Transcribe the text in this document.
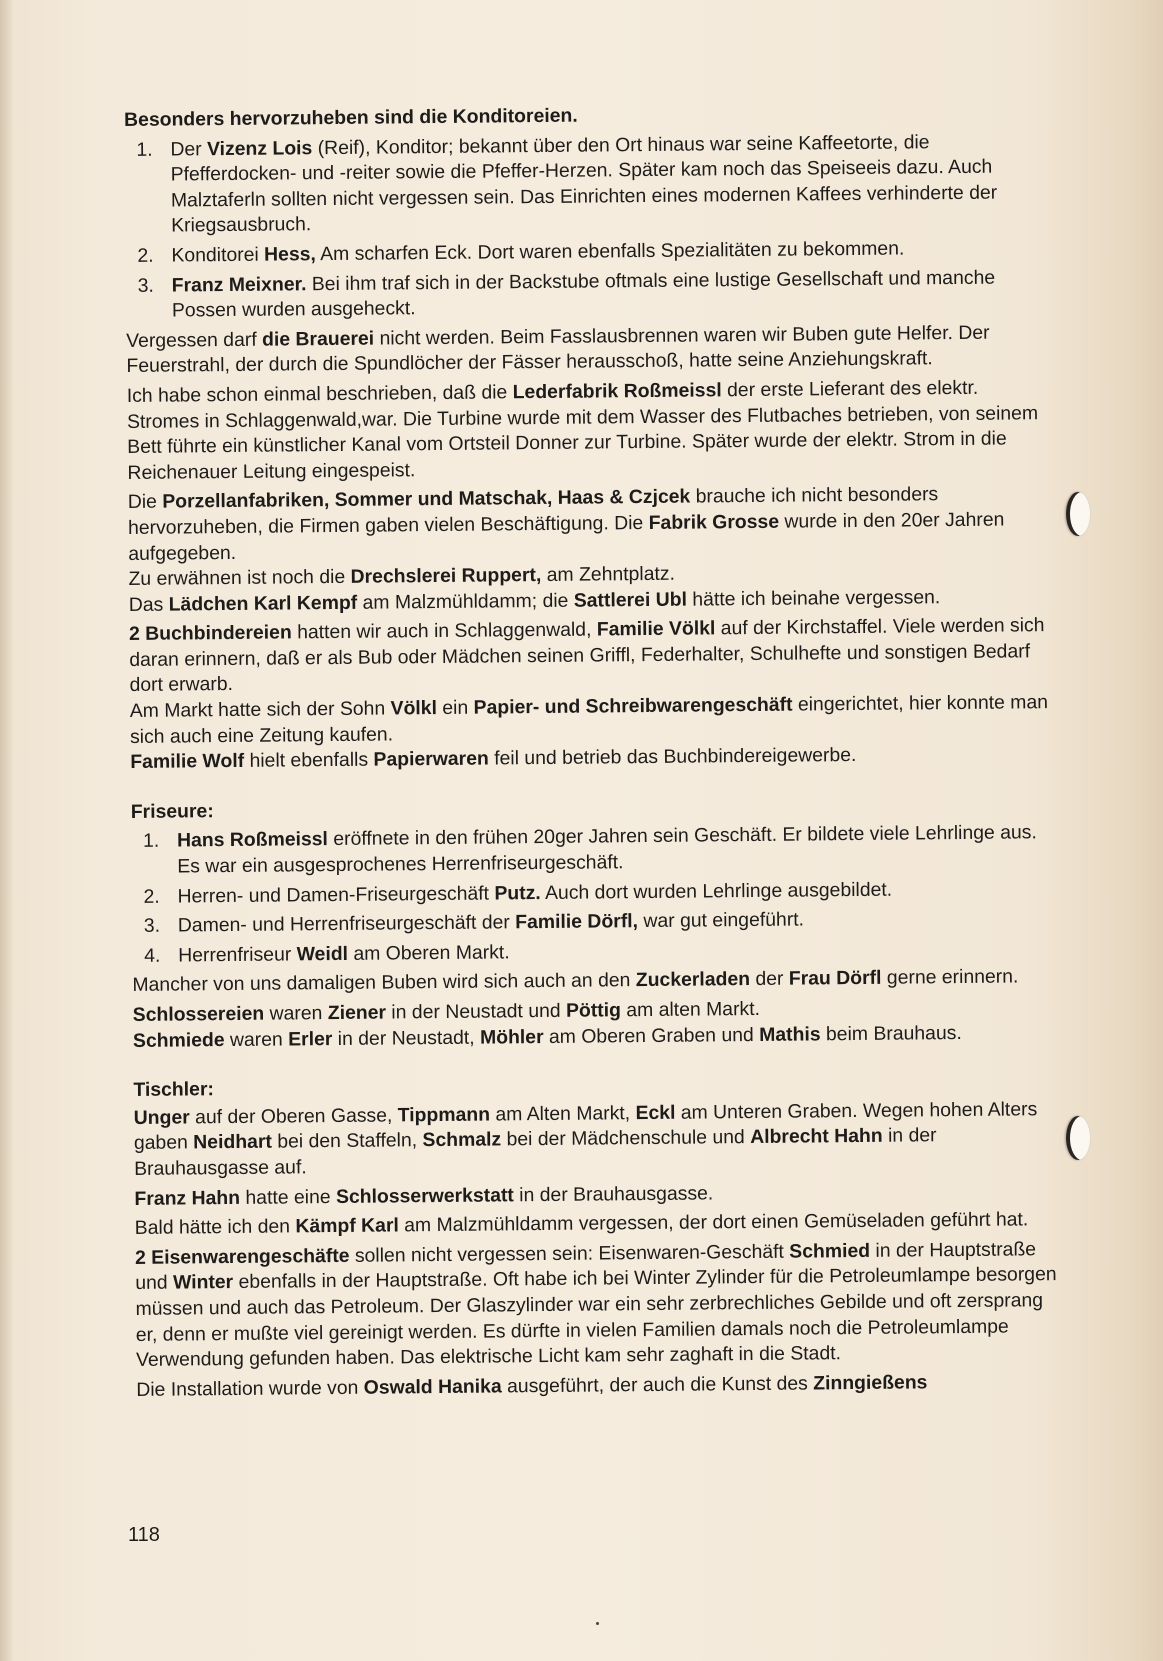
Besonders hervorzuheben sind die Konditoreien.

1. Der Vizenz Lois (Reif), Konditor; bekannt über den Ort hinaus war seine Kaffeetorte, die Pfefferdocken- und -reiter sowie die Pfeffer-Herzen. Später kam noch das Speiseeis dazu. Auch Malztaferln sollten nicht vergessen sein. Das Einrichten eines modernen Kaffees verhinderte der Kriegsausbruch.

2. Konditorei Hess, Am scharfen Eck. Dort waren ebenfalls Spezialitäten zu bekommen.

3. Franz Meixner. Bei ihm traf sich in der Backstube oftmals eine lustige Gesellschaft und manche Possen wurden ausgeheckt.

Vergessen darf die Brauerei nicht werden. Beim Fasslausbrennen waren wir Buben gute Helfer. Der Feuerstrahl, der durch die Spundlöcher der Fässer herausschoß, hatte seine Anziehungskraft.

Ich habe schon einmal beschrieben, daß die Lederfabrik Roßmeissl der erste Lieferant des elektr. Stromes in Schlaggenwald,war. Die Turbine wurde mit dem Wasser des Flutbaches betrieben, von seinem Bett führte ein künstlicher Kanal vom Ortsteil Donner zur Turbine. Später wurde der elektr. Strom in die Reichenauer Leitung eingespeist.

Die Porzellanfabriken, Sommer und Matschak, Haas & Czjcek brauche ich nicht besonders hervorzuheben, die Firmen gaben vielen Beschäftigung. Die Fabrik Grosse wurde in den 20er Jahren aufgegeben.

Zu erwähnen ist noch die Drechslerei Ruppert, am Zehntplatz.

Das Lädchen Karl Kempf am Malzmühldamm; die Sattlerei Ubl hätte ich beinahe vergessen.

2 Buchbindereien hatten wir auch in Schlaggenwald, Familie Völkl auf der Kirchstaffel. Viele werden sich daran erinnern, daß er als Bub oder Mädchen seinen Griffl, Federhalter, Schulhefte und sonstigen Bedarf dort erwarb.

Am Markt hatte sich der Sohn Völkl ein Papier- und Schreibwarengeschäft eingerichtet, hier konnte man sich auch eine Zeitung kaufen.

Familie Wolf hielt ebenfalls Papierwaren feil und betrieb das Buchbindereigewerbe.

Friseure:

1. Hans Roßmeissl eröffnete in den frühen 20ger Jahren sein Geschäft. Er bildete viele Lehrlinge aus. Es war ein ausgesprochenes Herrenfriseurgeschäft.

2. Herren- und Damen-Friseurgeschäft Putz. Auch dort wurden Lehrlinge ausgebildet.

3. Damen- und Herrenfriseurgeschäft der Familie Dörfl, war gut eingeführt.

4. Herrenfriseur Weidl am Oberen Markt.

Mancher von uns damaligen Buben wird sich auch an den Zuckerladen der Frau Dörfl gerne erinnern.

Schlossereien waren Ziener in der Neustadt und Pöttig am alten Markt.

Schmiede waren Erler in der Neustadt, Möhler am Oberen Graben und Mathis beim Brauhaus.

Tischler:

Unger auf der Oberen Gasse, Tippmann am Alten Markt, Eckl am Unteren Graben. Wegen hohen Alters gaben Neidhart bei den Staffeln, Schmalz bei der Mädchenschule und Albrecht Hahn in der Brauhausgasse auf.

Franz Hahn hatte eine Schlosserwerkstatt in der Brauhausgasse.

Bald hätte ich den Kämpf Karl am Malzmühldamm vergessen, der dort einen Gemüseladen geführt hat.

2 Eisenwarengeschäfte sollen nicht vergessen sein: Eisenwaren-Geschäft Schmied in der Hauptstraße und Winter ebenfalls in der Hauptstraße. Oft habe ich bei Winter Zylinder für die Petroleumlampe besorgen müssen und auch das Petroleum. Der Glaszylinder war ein sehr zerbrechliches Gebilde und oft zersprang er, denn er mußte viel gereinigt werden. Es dürfte in vielen Familien damals noch die Petroleumlampe Verwendung gefunden haben. Das elektrische Licht kam sehr zaghaft in die Stadt.

Die Installation wurde von Oswald Hanika ausgeführt, der auch die Kunst des Zinngießens

118
